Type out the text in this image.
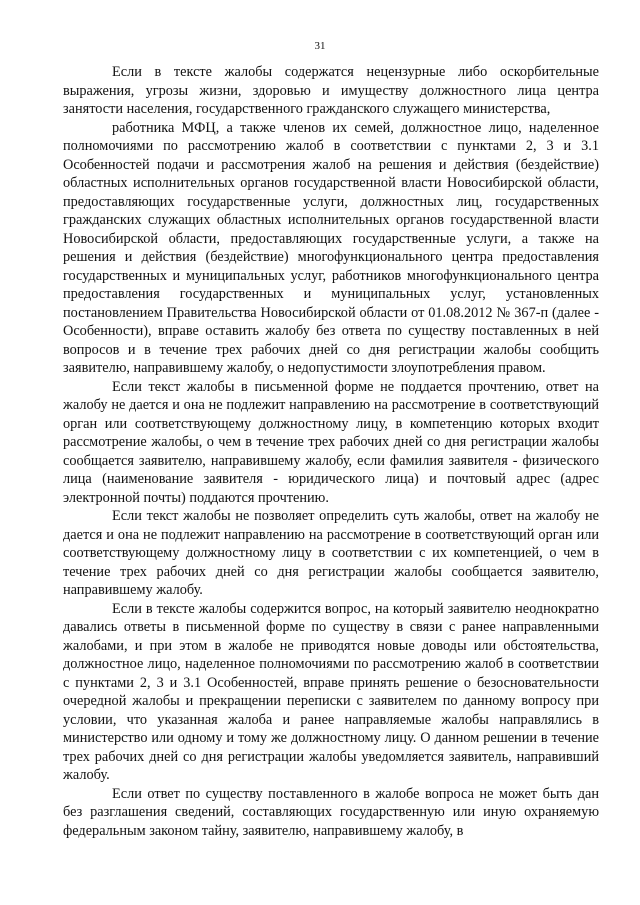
31

Если в тексте жалобы содержатся нецензурные либо оскорбительные выражения, угрозы жизни, здоровью и имуществу должностного лица центра занятости населения, государственного гражданского служащего министерства,

работника МФЦ, а также членов их семей, должностное лицо, наделенное полномочиями по рассмотрению жалоб в соответствии с пунктами 2, 3 и 3.1 Особенностей подачи и рассмотрения жалоб на решения и действия (бездействие) областных исполнительных органов государственной власти Новосибирской области, предоставляющих государственные услуги, должностных лиц, государственных гражданских служащих областных исполнительных органов государственной власти Новосибирской области, предоставляющих государственные услуги, а также на решения и действия (бездействие) многофункционального центра предоставления государственных и муниципальных услуг, работников многофункционального центра предоставления государственных и муниципальных услуг, установленных постановлением Правительства Новосибирской области от 01.08.2012 № 367-п (далее - Особенности), вправе оставить жалобу без ответа по существу поставленных в ней вопросов и в течение трех рабочих дней со дня регистрации жалобы сообщить заявителю, направившему жалобу, о недопустимости злоупотребления правом.

Если текст жалобы в письменной форме не поддается прочтению, ответ на жалобу не дается и она не подлежит направлению на рассмотрение в соответствующий орган или соответствующему должностному лицу, в компетенцию которых входит рассмотрение жалобы, о чем в течение трех рабочих дней со дня регистрации жалобы сообщается заявителю, направившему жалобу, если фамилия заявителя - физического лица (наименование заявителя - юридического лица) и почтовый адрес (адрес электронной почты) поддаются прочтению.

Если текст жалобы не позволяет определить суть жалобы, ответ на жалобу не дается и она не подлежит направлению на рассмотрение в соответствующий орган или соответствующему должностному лицу в соответствии с их компетенцией, о чем в течение трех рабочих дней со дня регистрации жалобы сообщается заявителю, направившему жалобу.

Если в тексте жалобы содержится вопрос, на который заявителю неоднократно давались ответы в письменной форме по существу в связи с ранее направленными жалобами, и при этом в жалобе не приводятся новые доводы или обстоятельства, должностное лицо, наделенное полномочиями по рассмотрению жалоб в соответствии с пунктами 2, 3 и 3.1 Особенностей, вправе принять решение о безосновательности очередной жалобы и прекращении переписки с заявителем по данному вопросу при условии, что указанная жалоба и ранее направляемые жалобы направлялись в министерство или одному и тому же должностному лицу. О данном решении в течение трех рабочих дней со дня регистрации жалобы уведомляется заявитель, направивший жалобу.

Если ответ по существу поставленного в жалобе вопроса не может быть дан без разглашения сведений, составляющих государственную или иную охраняемую федеральным законом тайну, заявителю, направившему жалобу, в
